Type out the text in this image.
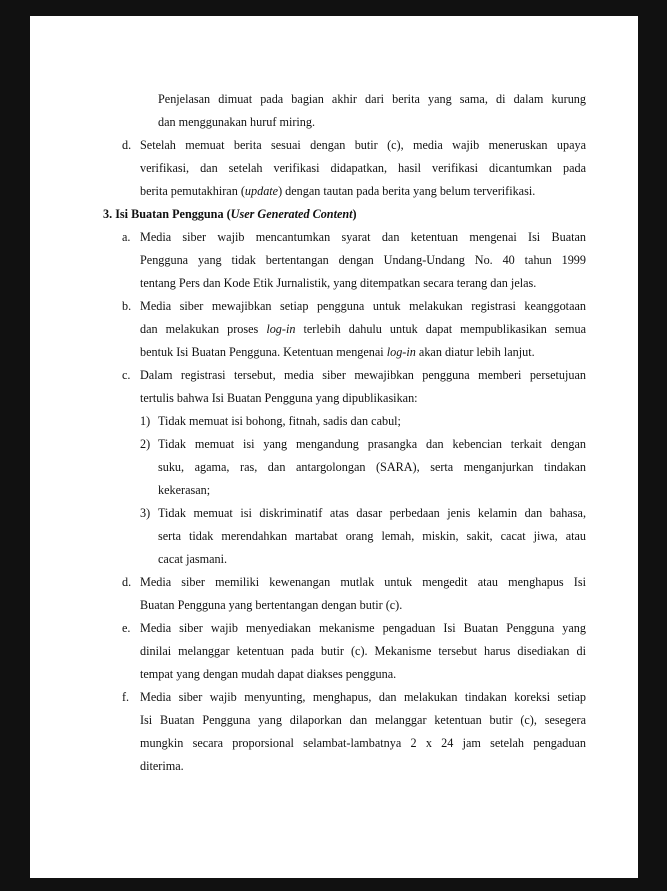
Penjelasan dimuat pada bagian akhir dari berita yang sama, di dalam kurung
dan menggunakan huruf miring.
d. Setelah memuat berita sesuai dengan butir (c), media wajib meneruskan upaya
verifikasi, dan setelah verifikasi didapatkan, hasil verifikasi dicantumkan pada
berita pemutakhiran (update) dengan tautan pada berita yang belum terverifikasi.
3. Isi Buatan Pengguna (User Generated Content)
a. Media siber wajib mencantumkan syarat dan ketentuan mengenai Isi Buatan
Pengguna yang tidak bertentangan dengan Undang-Undang No. 40 tahun 1999
tentang Pers dan Kode Etik Jurnalistik, yang ditempatkan secara terang dan jelas.
b. Media siber mewajibkan setiap pengguna untuk melakukan registrasi keanggotaan
dan melakukan proses log-in terlebih dahulu untuk dapat mempublikasikan semua
bentuk Isi Buatan Pengguna. Ketentuan mengenai log-in akan diatur lebih lanjut.
c. Dalam registrasi tersebut, media siber mewajibkan pengguna memberi persetujuan
tertulis bahwa Isi Buatan Pengguna yang dipublikasikan:
1) Tidak memuat isi bohong, fitnah, sadis dan cabul;
2) Tidak memuat isi yang mengandung prasangka dan kebencian terkait dengan
suku, agama, ras, dan antargolongan (SARA), serta menganjurkan tindakan
kekerasan;
3) Tidak memuat isi diskriminatif atas dasar perbedaan jenis kelamin dan bahasa,
serta tidak merendahkan martabat orang lemah, miskin, sakit, cacat jiwa, atau
cacat jasmani.
d. Media siber memiliki kewenangan mutlak untuk mengedit atau menghapus Isi
Buatan Pengguna yang bertentangan dengan butir (c).
e. Media siber wajib menyediakan mekanisme pengaduan Isi Buatan Pengguna yang
dinilai melanggar ketentuan pada butir (c). Mekanisme tersebut harus disediakan di
tempat yang dengan mudah dapat diakses pengguna.
f. Media siber wajib menyunting, menghapus, dan melakukan tindakan koreksi setiap
Isi Buatan Pengguna yang dilaporkan dan melanggar ketentuan butir (c), sesegera
mungkin secara proporsional selambat-lambatnya 2 x 24 jam setelah pengaduan
diterima.
